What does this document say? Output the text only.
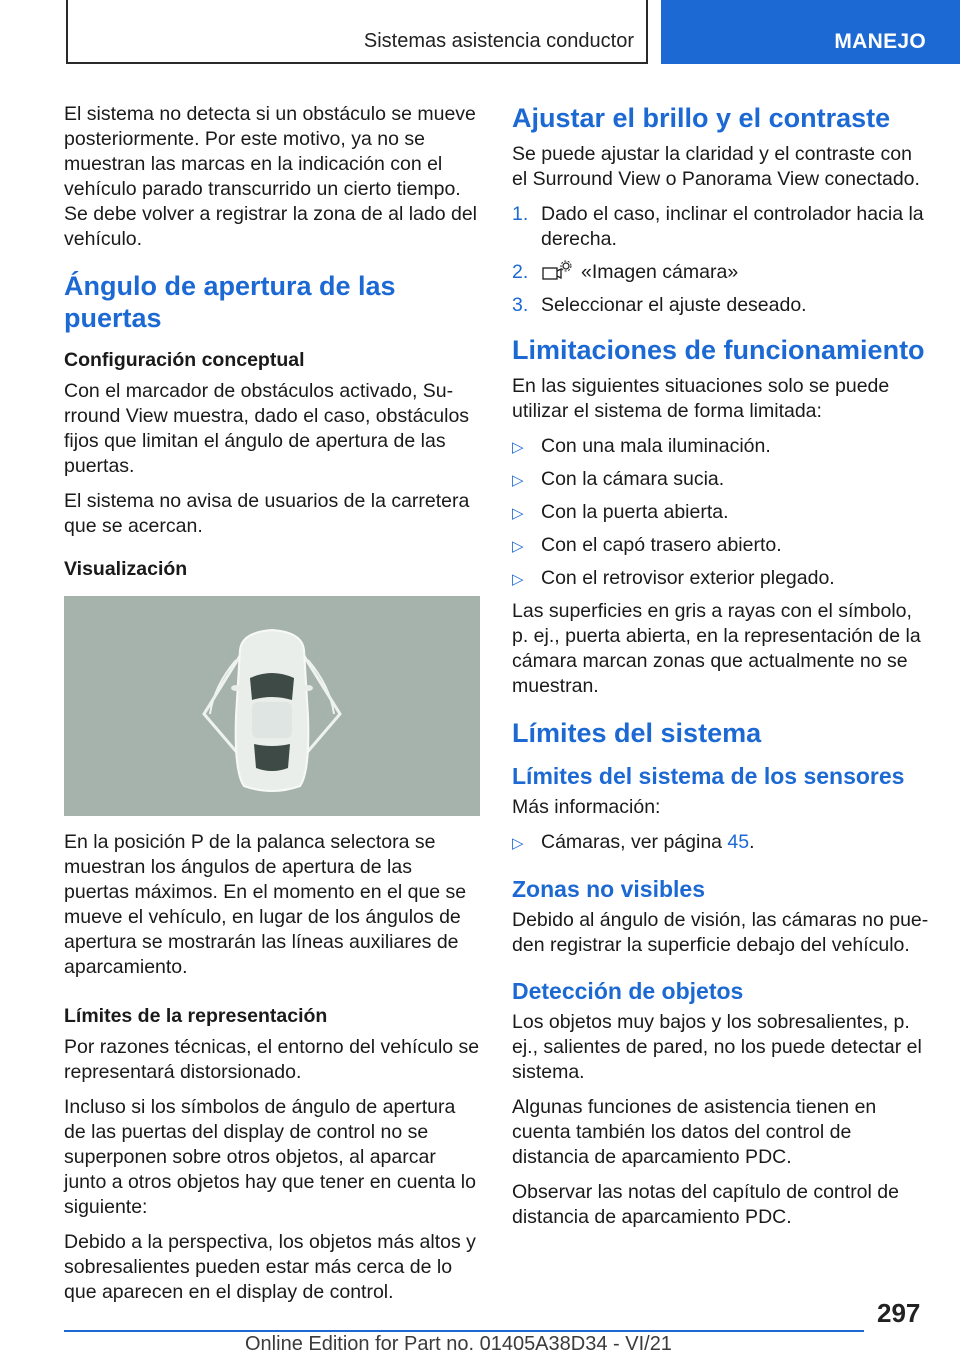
Sistemas asistencia conductor	MANEJO

El sistema no detecta si un obstáculo se mueve posteriormente. Por este motivo, ya no se muestran las marcas en la indicación con el vehículo parado transcurrido un cierto tiempo. Se debe volver a registrar la zona de al lado del vehículo.

Ángulo de apertura de las puertas
Configuración conceptual

Con el marcador de obstáculos activado, Surround View muestra, dado el caso, obstáculos fijos que limitan el ángulo de apertura de las puertas.

El sistema no avisa de usuarios de la carretera que se acercan.

Visualización

En la posición P de la palanca selectora se muestran los ángulos de apertura de las puertas máximos. En el momento en el que se mueve el vehículo, en lugar de los ángulos de apertura se mostrarán las líneas auxiliares de aparcamiento.

Límites de la representación

Por razones técnicas, el entorno del vehículo se representará distorsionado.

Incluso si los símbolos de ángulo de apertura de las puertas del display de control no se superponen sobre otros objetos, al aparcar junto a otros objetos hay que tener en cuenta lo siguiente:

Debido a la perspectiva, los objetos más altos y sobresalientes pueden estar más cerca de lo que aparecen en el display de control.

Ajustar el brillo y el contraste

Se puede ajustar la claridad y el contraste con el Surround View o Panorama View conectado.

1. Dado el caso, inclinar el controlador hacia la derecha.
2.	«Imagen cámara»
3. Seleccionar el ajuste deseado.
Limitaciones de funcionamiento

En las siguientes situaciones solo se puede utilizar el sistema de forma limitada:

▷ Con una mala iluminación.
▷ Con la cámara sucia.
▷ Con la puerta abierta.
▷ Con el capó trasero abierto.
▷ Con el retrovisor exterior plegado.

Las superficies en gris a rayas con el símbolo, p. ej., puerta abierta, en la representación de la cámara marcan zonas que actualmente no se muestran.

Límites del sistema
Límites del sistema de los sensores

Más información:

▷ Cámaras, ver página 45.
Zonas no visibles

Debido al ángulo de visión, las cámaras no pueden registrar la superficie debajo del vehículo.

Detección de objetos

Los objetos muy bajos y los sobresalientes, p. ej., salientes de pared, no los puede detectar el sistema.

Algunas funciones de asistencia tienen en cuenta también los datos del control de distancia de aparcamiento PDC.

Observar las notas del capítulo de control de distancia de aparcamiento PDC.

297
Online Edition for Part no. 01405A38D34 - VI/21
